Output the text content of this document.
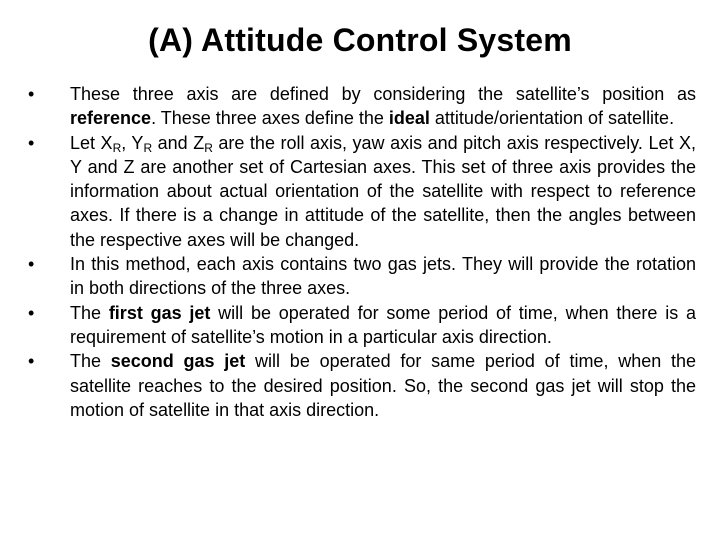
(A) Attitude Control System
•	These three axis are defined by considering the satellite’s position as reference. These three axes define the ideal attitude/orientation of satellite.
•	Let $X_R$, $Y_R$ and $Z_R$ are the roll axis, yaw axis and pitch axis respectively. Let X, Y and Z are another set of Cartesian axes. This set of three axis provides the information about actual orientation of the satellite with respect to reference axes. If there is a change in attitude of the satellite, then the angles between the respective axes will be changed.
•	In this method, each axis contains two gas jets. They will provide the rotation in both directions of the three axes.
•	The first gas jet will be operated for some period of time, when there is a requirement of satellite’s motion in a particular axis direction.
•	The second gas jet will be operated for same period of time, when the satellite reaches to the desired position. So, the second gas jet will stop the motion of satellite in that axis direction.
